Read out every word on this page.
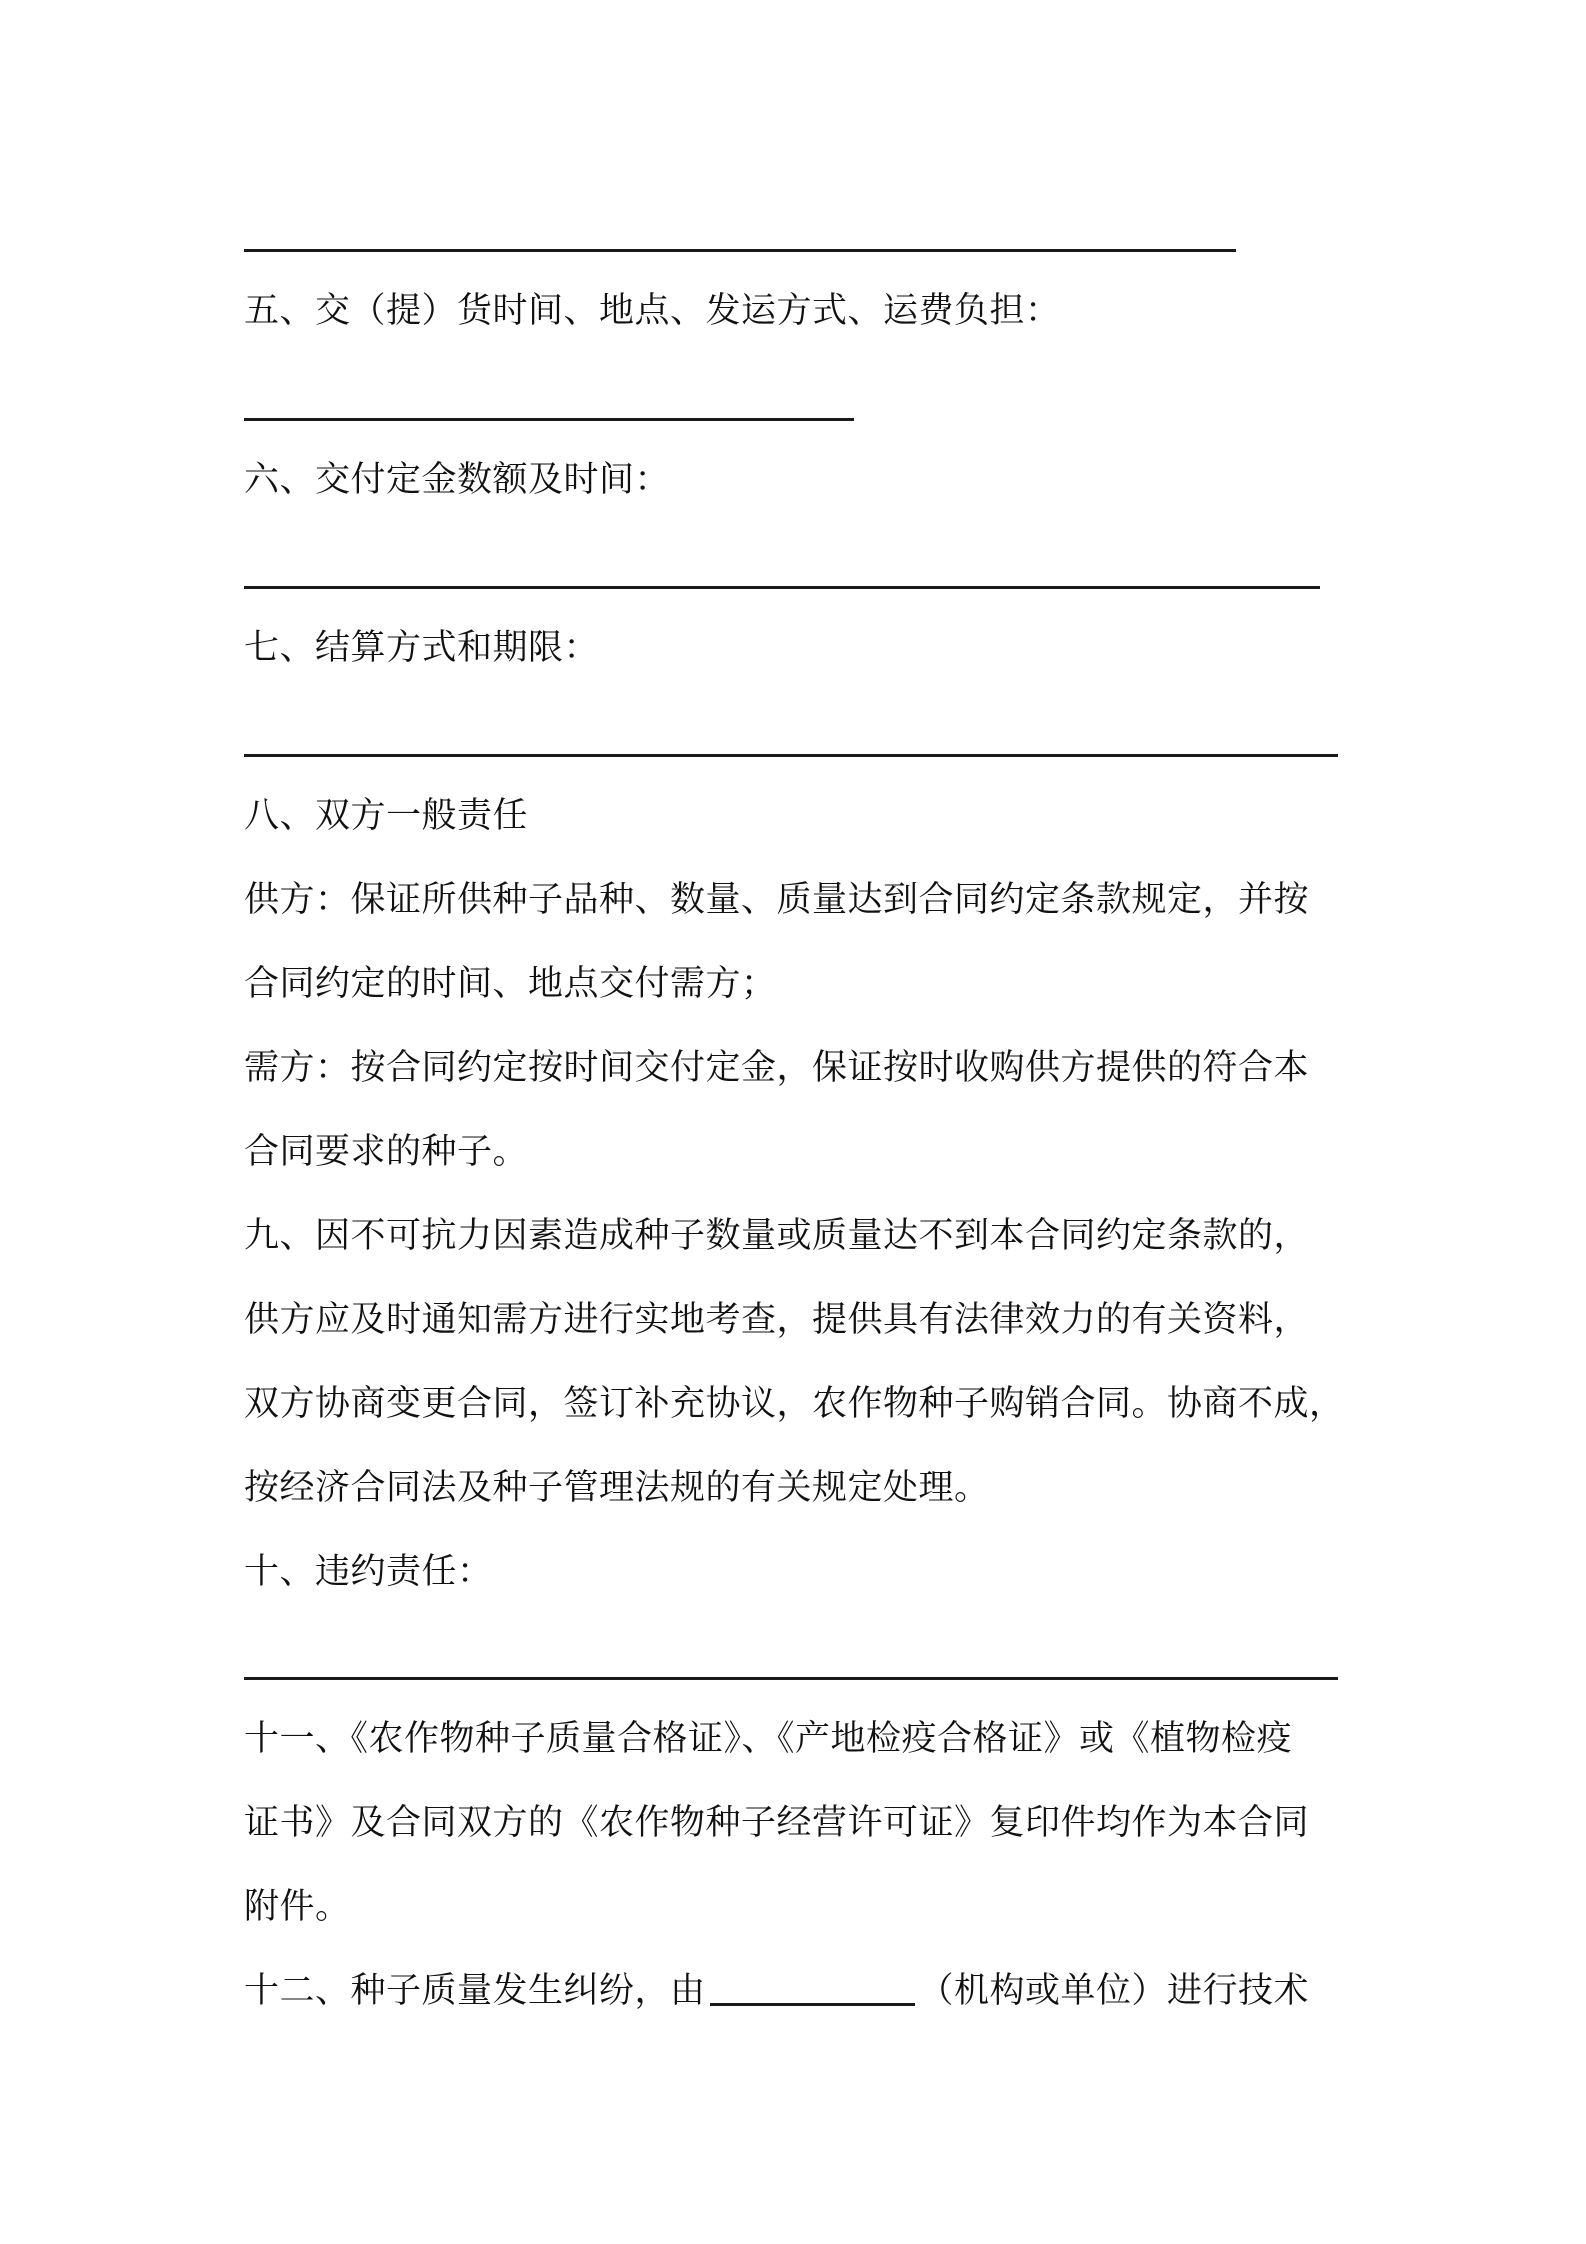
五、交（提）货时间、地点、发运方式、运费负担：

六、交付定金数额及时间：

七、结算方式和期限：

八、双方一般责任

供方：保证所供种子品种、数量、质量达到合同约定条款规定，并按

合同约定的时间、地点交付需方；

需方：按合同约定按时间交付定金，保证按时收购供方提供的符合本

合同要求的种子。

九、因不可抗力因素造成种子数量或质量达不到本合同约定条款的，

供方应及时通知需方进行实地考查，提供具有法律效力的有关资料，

双方协商变更合同，签订补充协议，农作物种子购销合同。协商不成，

按经济合同法及种子管理法规的有关规定处理。

十、违约责任：

十一、《农作物种子质量合格证》、《产地检疫合格证》或《植物检疫

证书》及合同双方的《农作物种子经营许可证》复印件均作为本合同

附件。

十二、种子质量发生纠纷，由	（机构或单位）进行技术
